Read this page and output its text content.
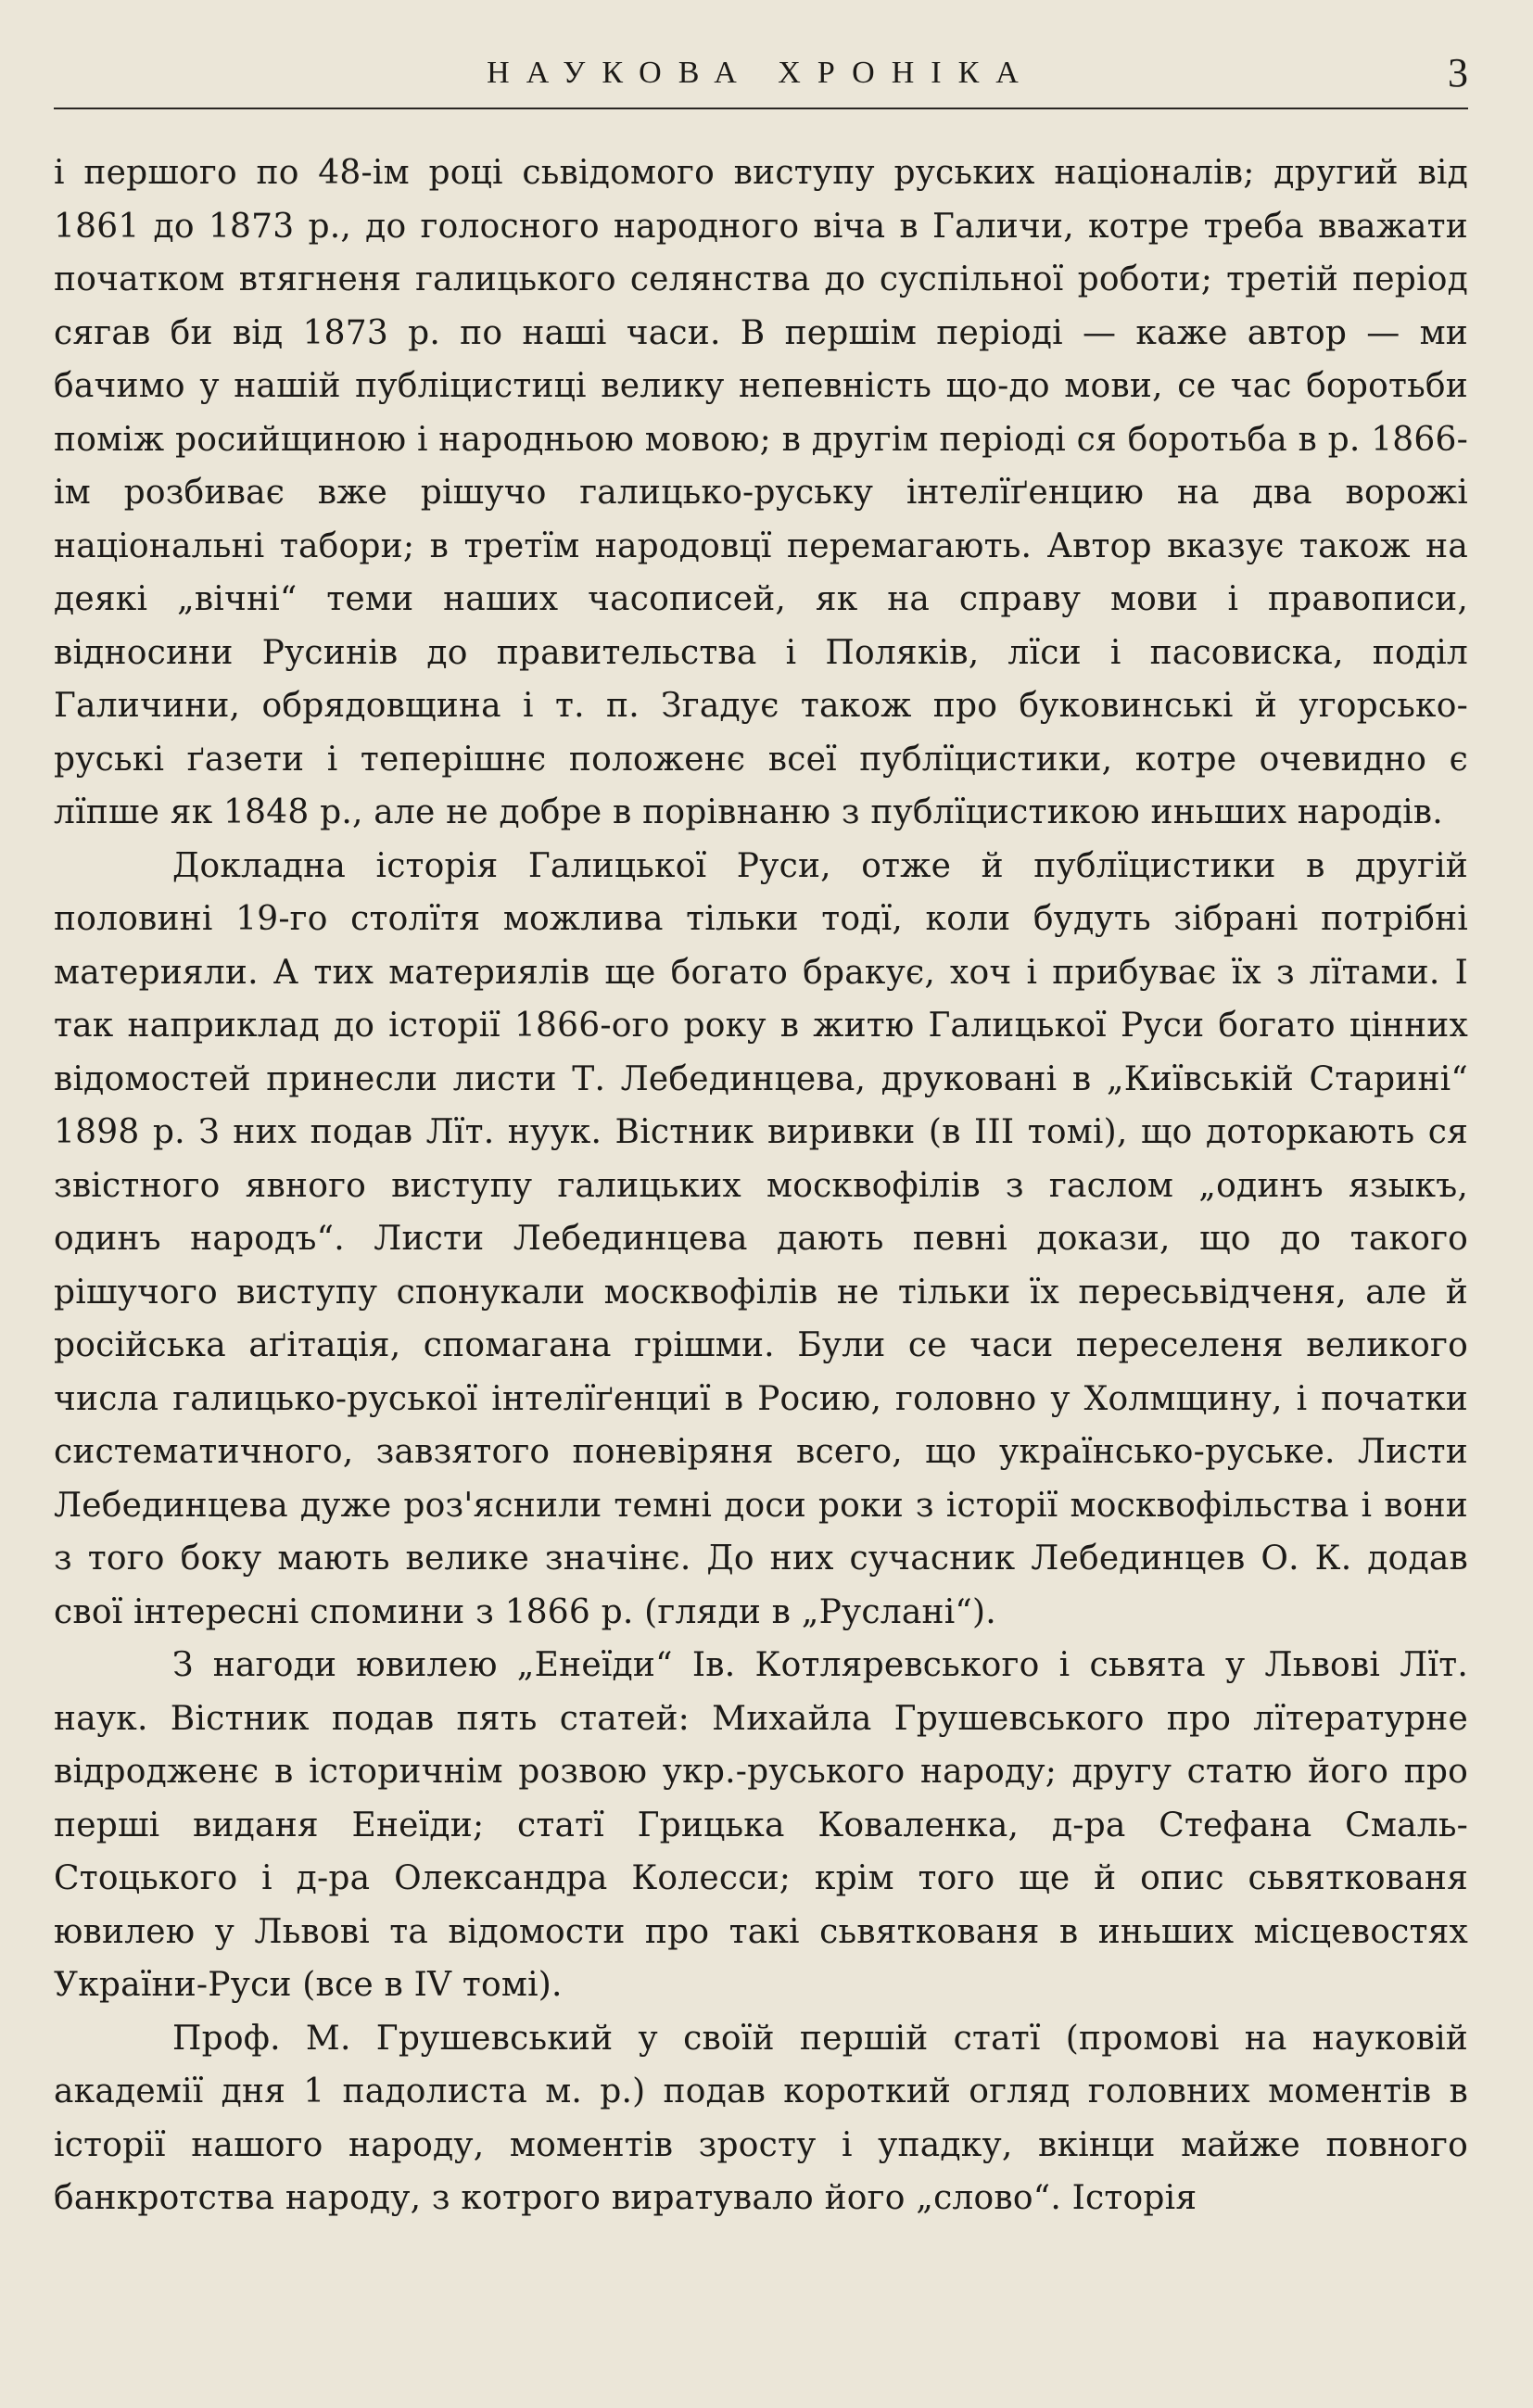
НАУКОВА ХРОНІКА	3

і першого по 48-ім році сьвідомого виступу руських націоналів; другий від 1861 до 1873 р., до голосного народного віча в Галичи, котре треба вважати початком втягненя галицького селянства до суспільної роботи; третій період сягав би від 1873 р. по наші часи. В першім періоді — каже автор — ми бачимо у нашій публіцистиці велику непевність що-до мови, се час боротьби поміж росийщиною і народньою мовою; в другім періоді ся боротьба в р. 1866-ім розбиває вже рішучо галицько-руську інтелїґенцию на два ворожі національні табори; в третїм народовцї перемагають. Автор вказує також на деякі „вічні“ теми наших часописей, як на справу мови і правописи, відносини Русинів до правительства і Поляків, лїси і пасовиска, поділ Галичини, обрядовщина і т. п. Згадує також про буковинські й угорсько-руські ґазети і теперішнє положенє всеї публїцистики, котре очевидно є лїпше як 1848 р., але не добре в порівнаню з публїцистикою иньших народів.

Докладна історія Галицької Руси, отже й публїцистики в другій половині 19-го столїтя можлива тільки тодї, коли будуть зібрані потрібні материяли. А тих материялів ще богато бракує, хоч і прибуває їх з лїтами. І так наприклад до історії 1866-ого року в житю Галицької Руси богато цінних відомостей принесли листи Т. Лебединцева, друковані в „Київській Старині“ 1898 р. З них подав Лїт. нуук. Вістник виривки (в III томі), що доторкають ся звістного явного виступу галицьких москвофілів з гаслом „одинъ языкъ, одинъ народъ“. Листи Лебединцева дають певні докази, що до такого рішучого виступу спонукали москвофілів не тільки їх пересьвідченя, але й російська аґітація, спомагана грішми. Були се часи переселеня великого числа галицько-руської інтелїґенциї в Росию, головно у Холмщину, і початки систематичного, завзятого поневіряня всего, що українсько-руське. Листи Лебединцева дуже роз'яснили темні доси роки з історії москвофільства і вони з того боку мають велике значінє. До них сучасник Лебединцев О. К. додав свої інтересні спомини з 1866 р. (гляди в „Руслані“).

З нагоди ювилею „Енеїди“ Ів. Котляревського і сьвята у Львові Лїт. наук. Вістник подав пять статей: Михайла Грушевського про лїтературне відродженє в історичнім розвою укр.-руського народу; другу статю його про перші виданя Енеїди; статї Грицька Коваленка, д-ра Стефана Смаль-Стоцького і д-ра Олександра Колесси; крім того ще й опис сьвяткованя ювилею у Львові та відомости про такі сьвяткованя в иньших місцевостях України-Руси (все в IV томі).

Проф. М. Грушевський у своїй першій статї (промові на науковій академії дня 1 падолиста м. р.) подав короткий огляд головних моментів в історії нашого народу, моментів зросту і упадку, вкінци майже повного банкротства народу, з котрого виратувало його „слово“. Історія
